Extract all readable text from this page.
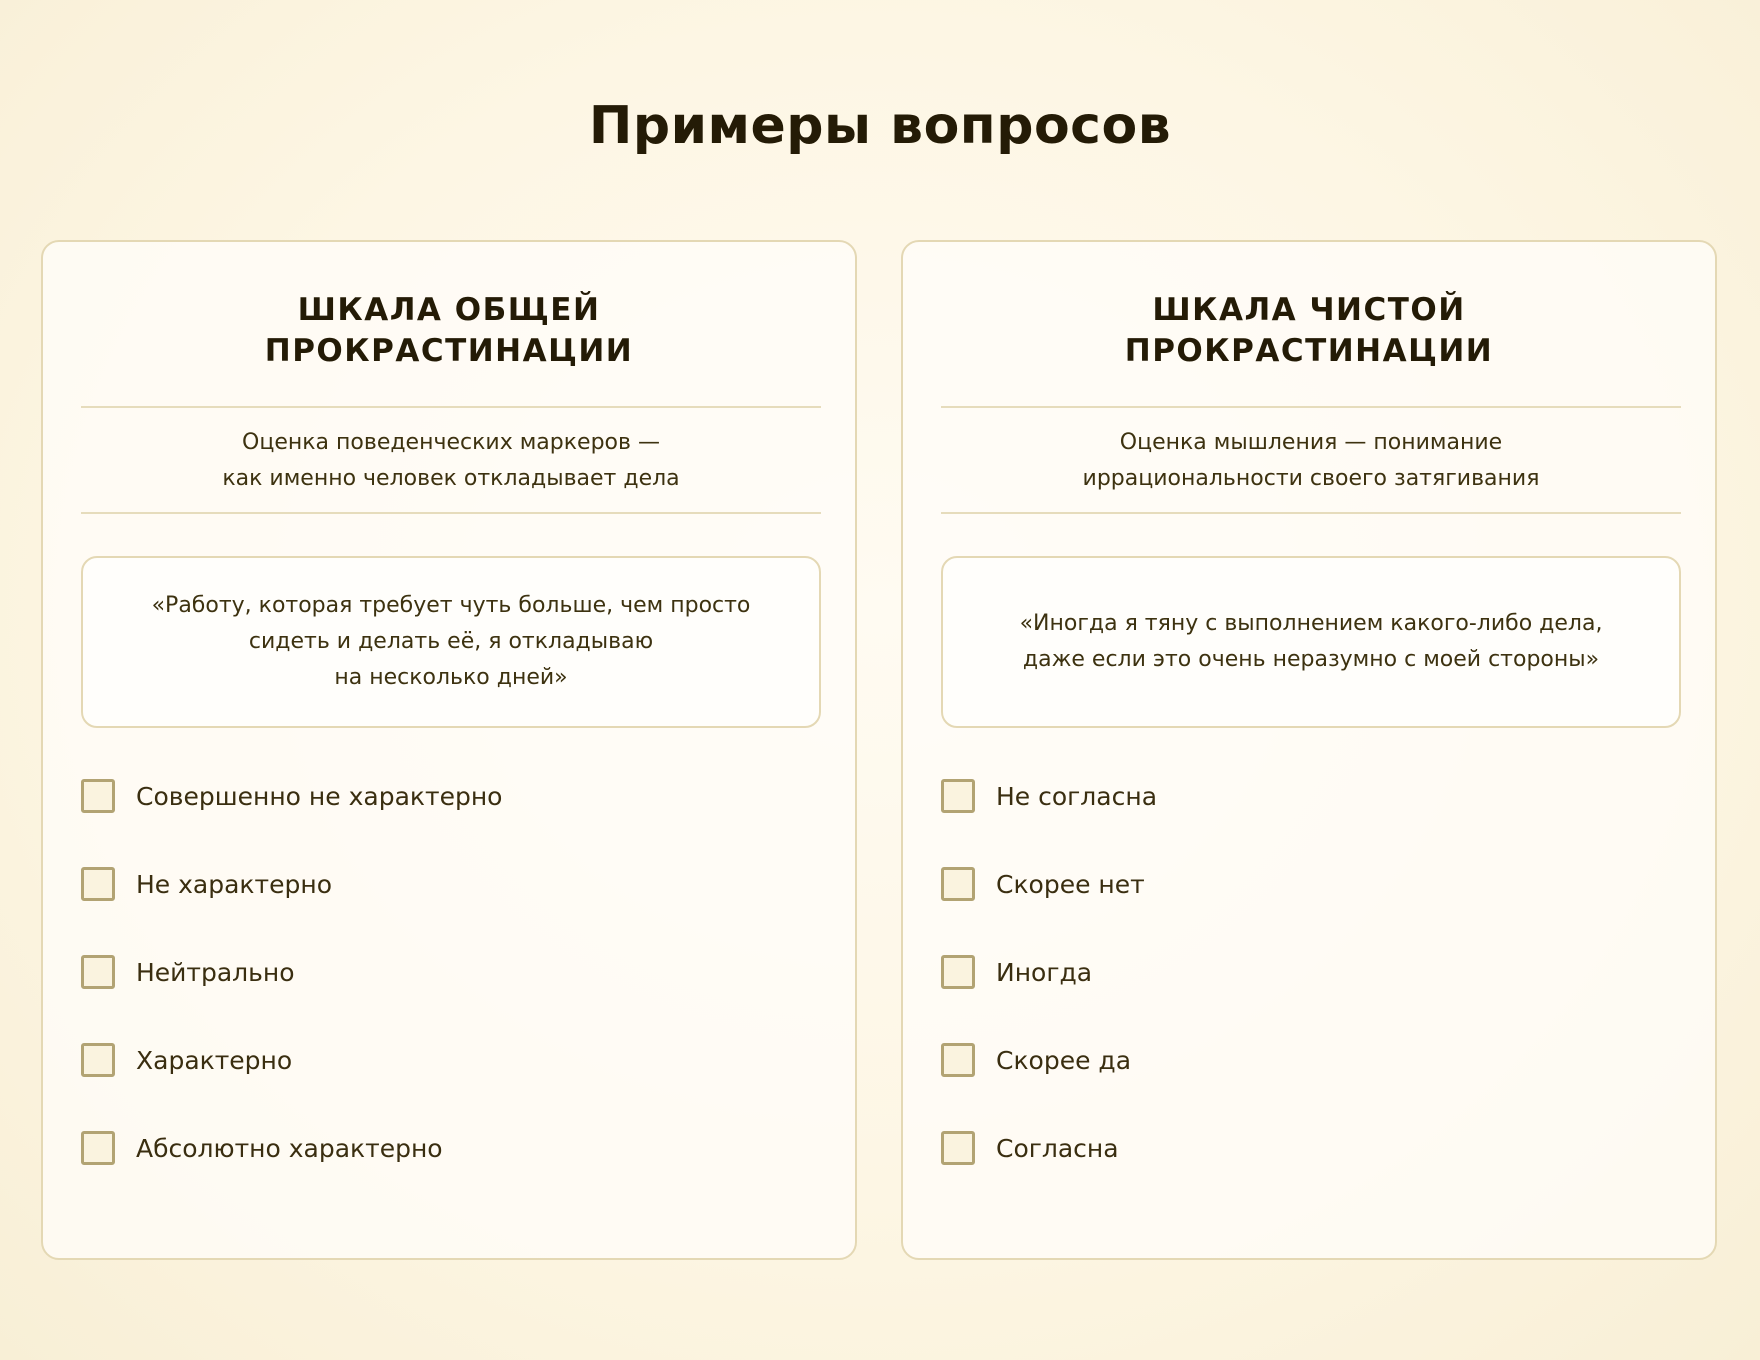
Примеры вопросов
ШКАЛА ОБЩЕЙ
ПРОКРАСТИНАЦИИ

Оценка поведенческих маркеров —
как именно человек откладывает дела

«Работу, которая требует чуть больше, чем просто
сидеть и делать её, я откладываю
на несколько дней»
Совершенно не характерно
Не характерно
Нейтрально
Характерно
Абсолютно характерно
ШКАЛА ЧИСТОЙ
ПРОКРАСТИНАЦИИ

Оценка мышления — понимание
иррациональности своего затягивания

«Иногда я тяну с выполнением какого-либо дела,
даже если это очень неразумно с моей стороны»
Не согласна
Скорее нет
Иногда
Скорее да
Согласна
